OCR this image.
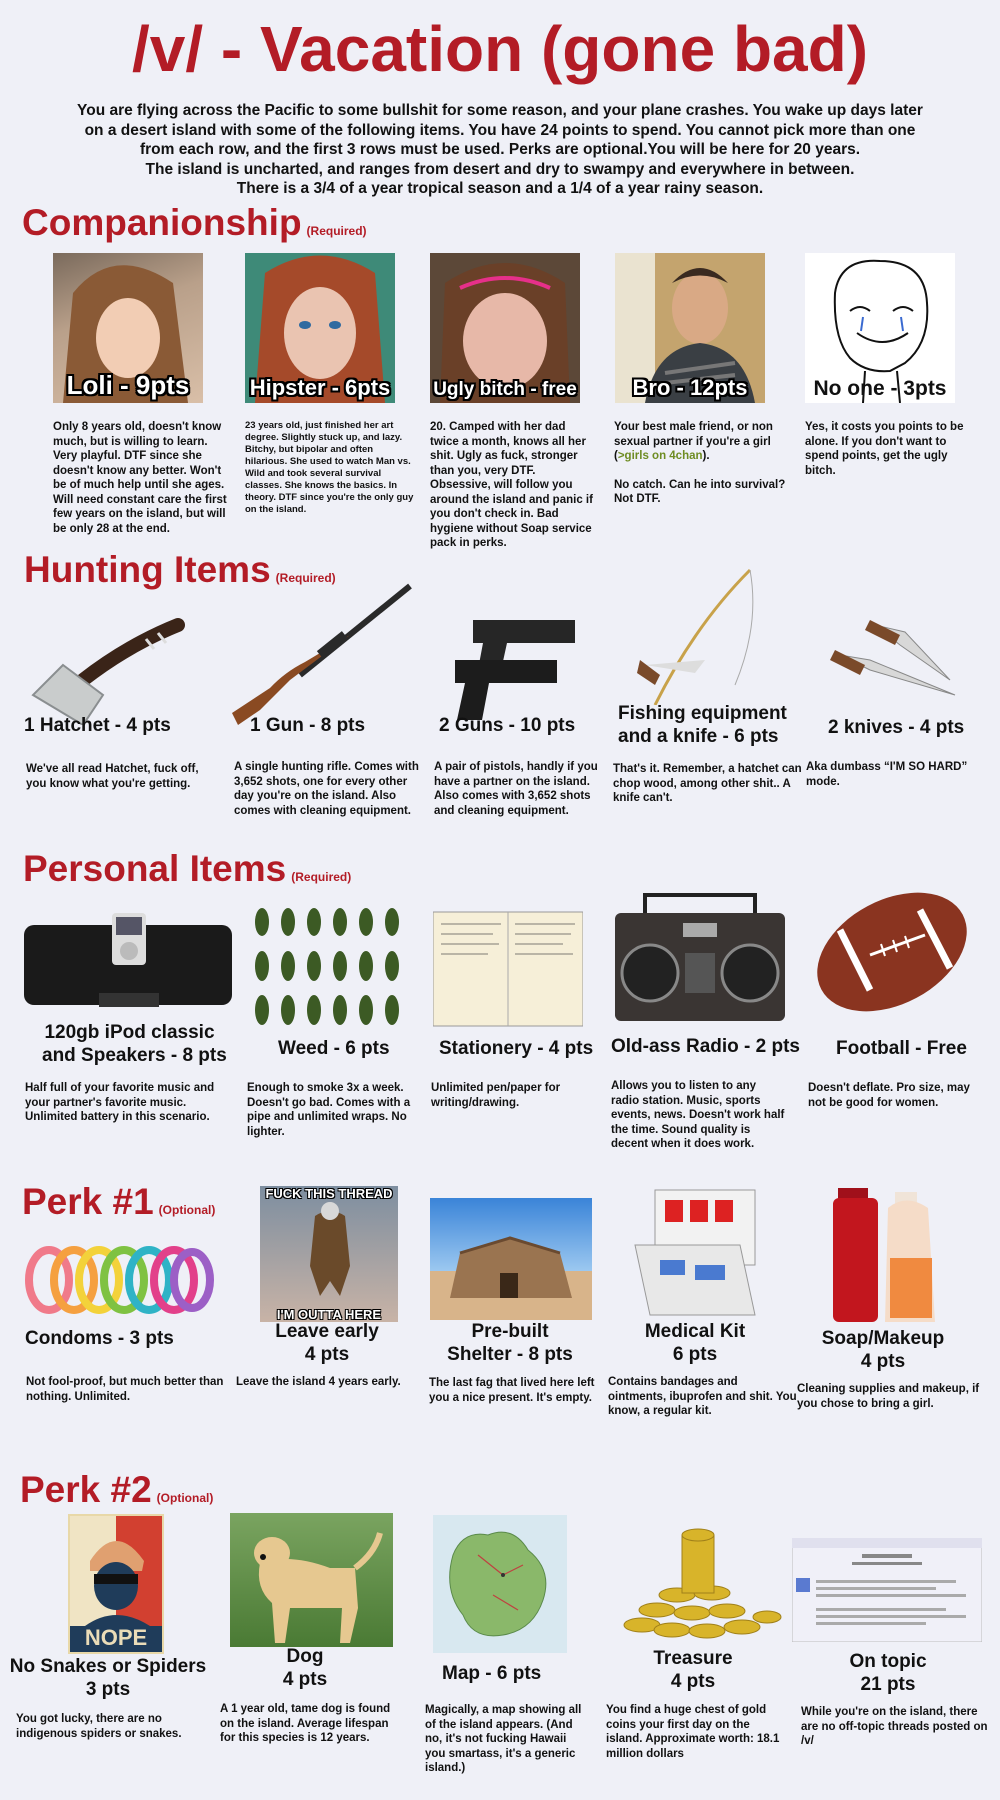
/v/ - Vacation (gone bad)
You are flying across the Pacific to some bullshit for some reason, and your plane crashes. You wake up days later
on a desert island with some of the following items. You have 24 points to spend. You cannot pick more than one
from each row, and the first 3 rows must be used. Perks are optional.You will be here for 20 years.
The island is uncharted, and ranges from desert and dry to swampy and everywhere in between.
There is a 3/4 of a year tropical season and a 1/4 of a year rainy season.
Companionship (Required)
Loli - 9pts
Only 8 years old, doesn't know much, but is willing to learn. Very playful. DTF since she doesn't know any better. Won't be of much help until she ages. Will need constant care the first few years on the island, but will be only 28 at the end.
Hipster - 6pts
23 years old, just finished her art degree. Slightly stuck up, and lazy. Bitchy, but bipolar and often hilarious. She used to watch Man vs. Wild and took several survival classes. She knows the basics. In theory. DTF since you're the only guy on the island.
Ugly bitch - free
20. Camped with her dad twice a month, knows all her shit. Ugly as fuck, stronger than you, very DTF. Obsessive, will follow you around the island and panic if you don't check in. Bad hygiene without Soap service pack in perks.
Bro - 12pts
Your best male friend, or non sexual partner if you're a girl (>girls on 4chan).
No catch. Can he into survival? Not DTF.
No one - 3pts
Yes, it costs you points to be alone. If you don't want to spend points, get the ugly bitch.
Hunting Items (Required)
1 Hatchet - 4 pts
We've all read Hatchet, fuck off, you know what you're getting.
1 Gun - 8 pts
A single hunting rifle. Comes with 3,652 shots, one for every other day you're on the island. Also comes with cleaning equipment.
2 Guns - 10 pts
A pair of pistols, handly if you have a partner on the island. Also comes with 3,652 shots and cleaning equipment.
Fishing equipment
and a knife - 6 pts
That's it. Remember, a hatchet can chop wood, among other shit.. A knife can't.
2 knives - 4 pts
Aka dumbass “I'M SO HARD” mode.
Personal Items (Required)
120gb iPod classic
and Speakers - 8 pts
Half full of your favorite music and your partner's favorite music. Unlimited battery in this scenario.
Weed - 6 pts
Enough to smoke 3x a week. Doesn't go bad. Comes with a pipe and unlimited wraps. No lighter.
Stationery - 4 pts
Unlimited pen/paper for writing/drawing.
Old-ass Radio - 2 pts
Allows you to listen to any radio station. Music, sports events, news. Doesn't work half the time. Sound quality is decent when it does work.
Football - Free
Doesn't deflate. Pro size, may not be good for women.
Perk #1 (Optional)
Condoms - 3 pts
Not fool-proof, but much better than nothing. Unlimited.
FUCK THIS THREAD
I'M OUTTA HERE
Leave early
4 pts
Leave the island 4 years early.
Pre-built
Shelter - 8 pts
The last fag that lived here left you a nice present. It's empty.
Medical Kit
6 pts
Contains bandages and ointments, ibuprofen and shit. You know, a regular kit.
Soap/Makeup
4 pts
Cleaning supplies and makeup, if you chose to bring a girl.
Perk #2 (Optional)
NOPE
No Snakes or Spiders
3 pts
You got lucky, there are no indigenous spiders or snakes.
Dog
4 pts
A 1 year old, tame dog is found on the island. Average lifespan for this species is 12 years.
Map - 6 pts
Magically, a map showing all of the island appears. (And no, it's not fucking Hawaii you smartass, it's a generic island.)
Treasure
4 pts
You find a huge chest of gold coins your first day on the island. Approximate worth: 18.1 million dollars
On topic
21 pts
While you're on the island, there are no off-topic threads posted on /v/
